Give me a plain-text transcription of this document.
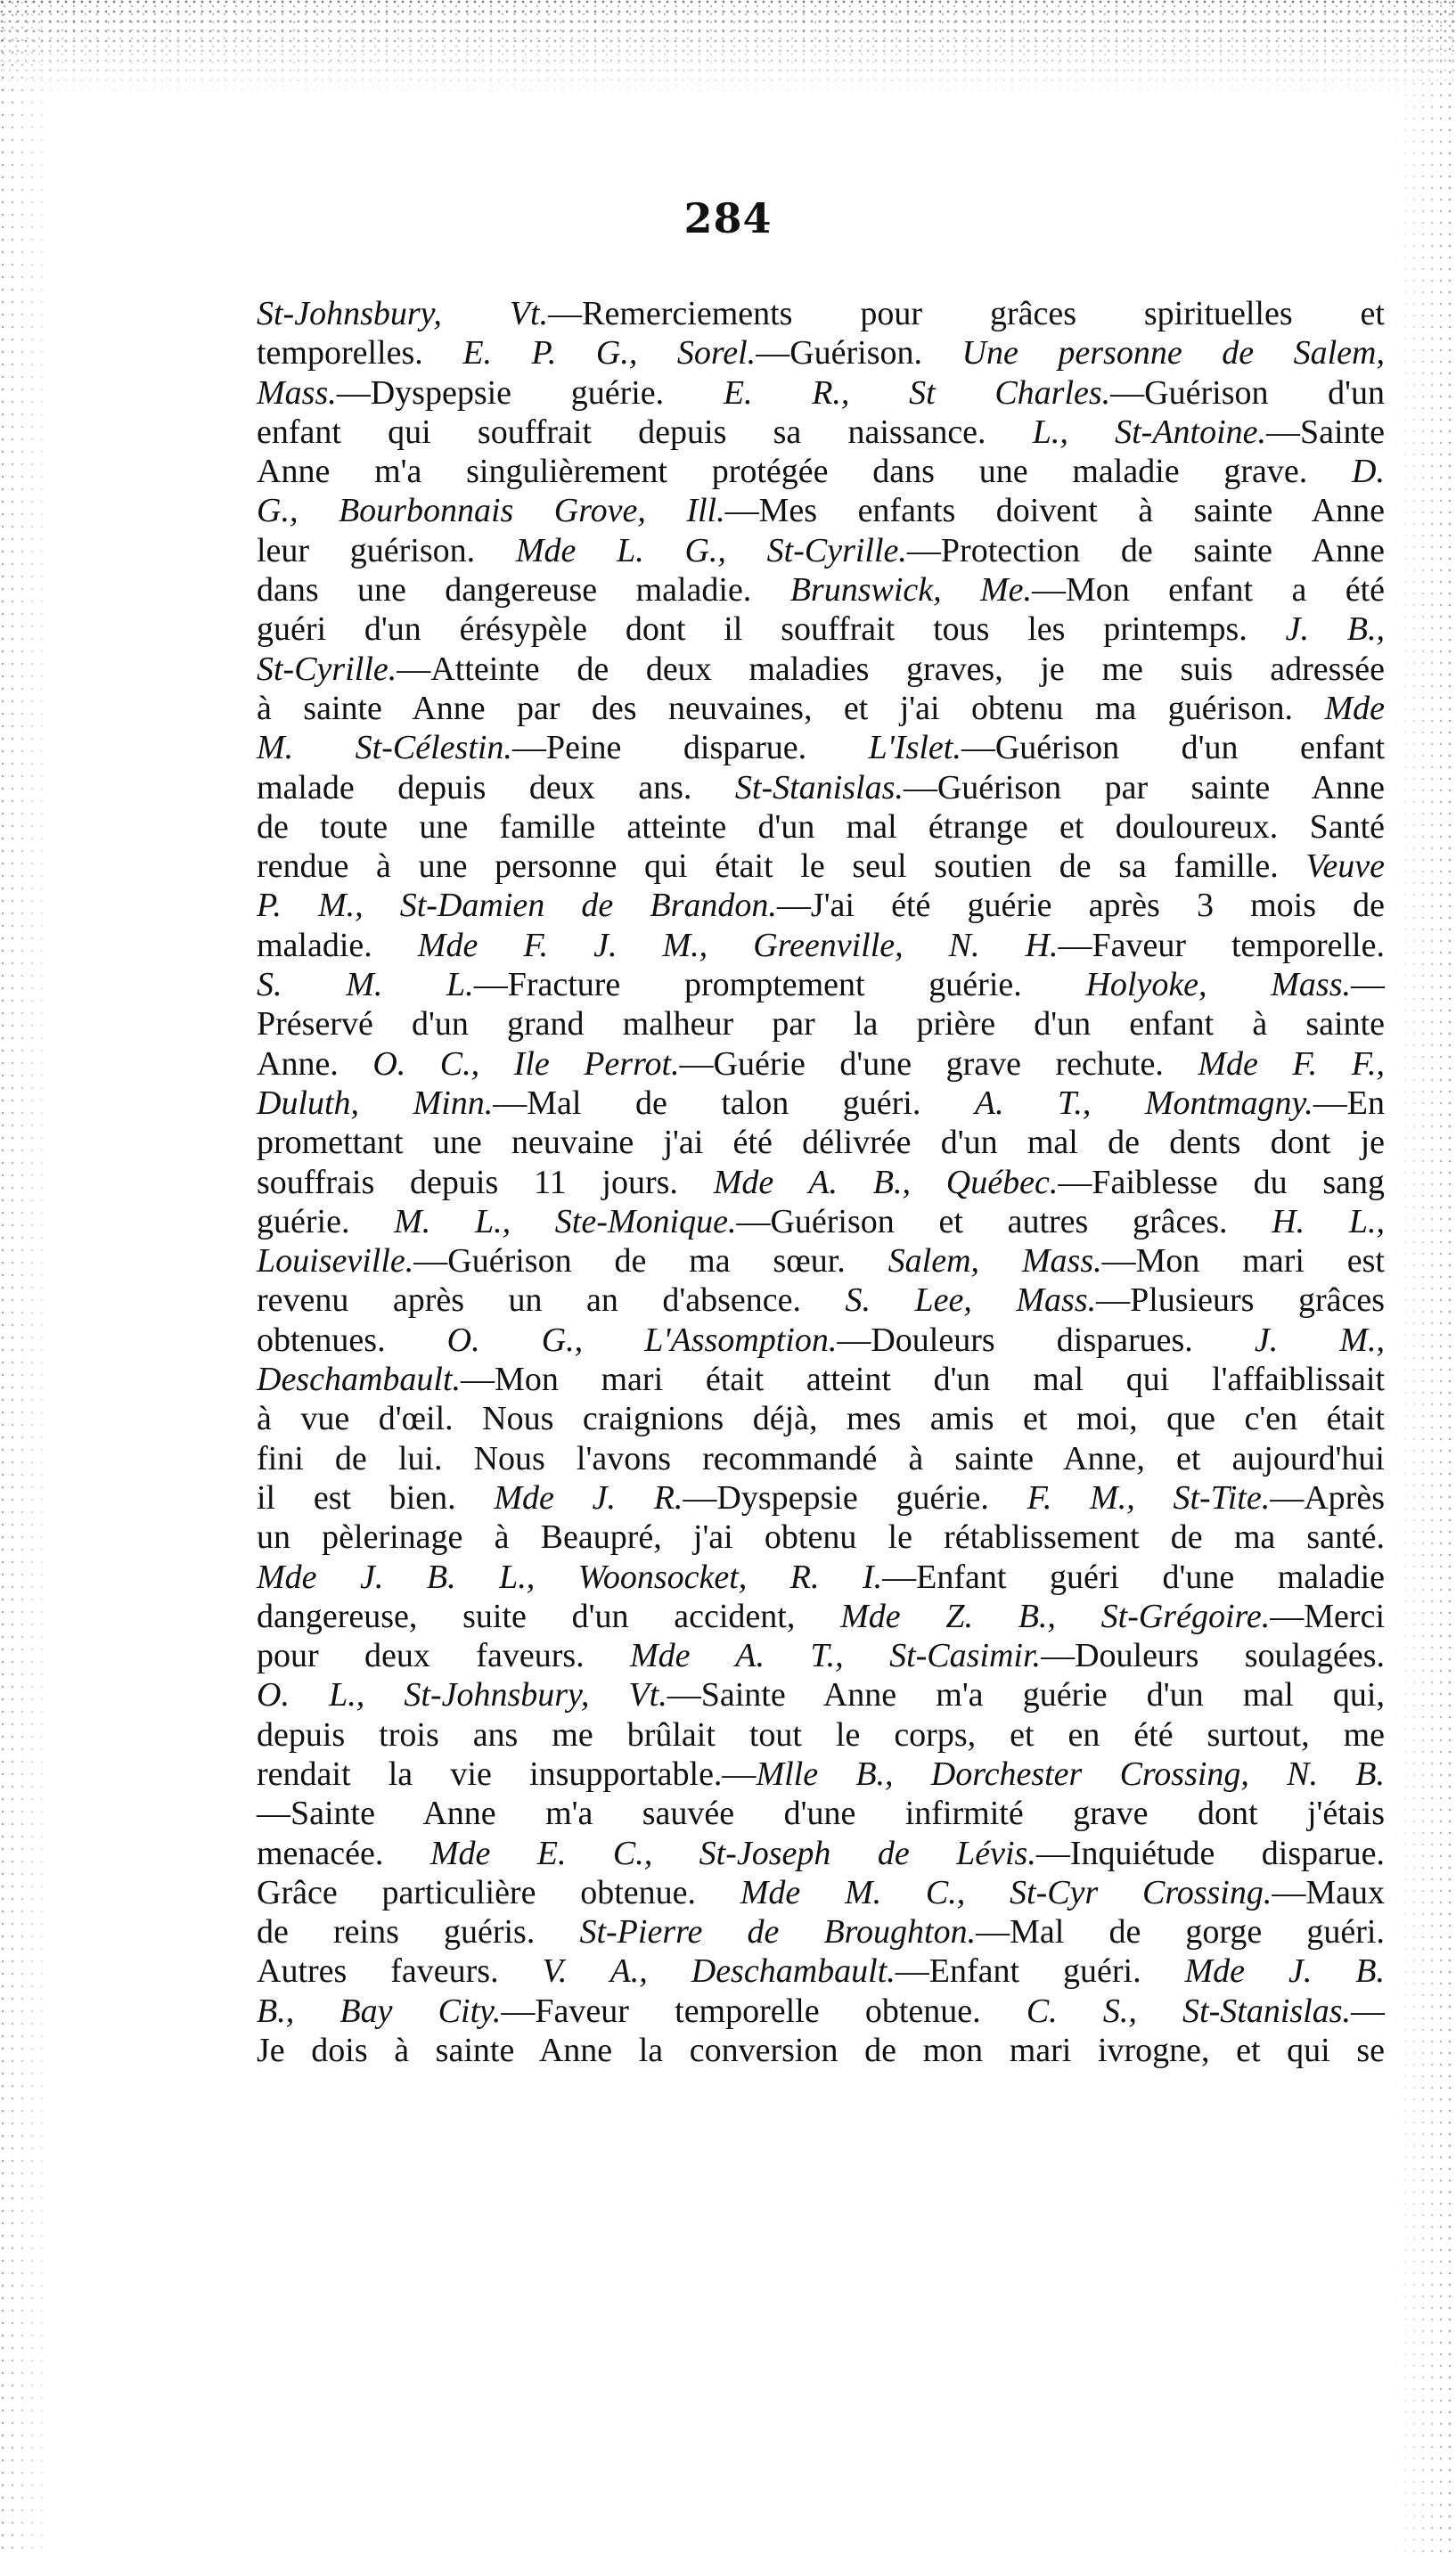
284
St-Johnsbury, Vt.—Remerciements pour grâces spirituelles et
temporelles. E. P. G., Sorel.—Guérison. Une personne de Salem,
Mass.—Dyspepsie guérie. E. R., St Charles.—Guérison d'un
enfant qui souffrait depuis sa naissance. L., St-Antoine.—Sainte
Anne m'a singulièrement protégée dans une maladie grave. D.
G., Bourbonnais Grove, Ill.—Mes enfants doivent à sainte Anne
leur guérison. Mde L. G., St-Cyrille.—Protection de sainte Anne
dans une dangereuse maladie. Brunswick, Me.—Mon enfant a été
guéri d'un érésypèle dont il souffrait tous les printemps. J. B.,
St-Cyrille.—Atteinte de deux maladies graves, je me suis adressée
à sainte Anne par des neuvaines, et j'ai obtenu ma guérison. Mde
M. St-Célestin.—Peine disparue. L'Islet.—Guérison d'un enfant
malade depuis deux ans. St-Stanislas.—Guérison par sainte Anne
de toute une famille atteinte d'un mal étrange et douloureux. Santé
rendue à une personne qui était le seul soutien de sa famille. Veuve
P. M., St-Damien de Brandon.—J'ai été guérie après 3 mois de
maladie. Mde F. J. M., Greenville, N. H.—Faveur temporelle.
S. M. L.—Fracture promptement guérie. Holyoke, Mass.—
Préservé d'un grand malheur par la prière d'un enfant à sainte
Anne. O. C., Ile Perrot.—Guérie d'une grave rechute. Mde F. F.,
Duluth, Minn.—Mal de talon guéri. A. T., Montmagny.—En
promettant une neuvaine j'ai été délivrée d'un mal de dents dont je
souffrais depuis 11 jours. Mde A. B., Québec.—Faiblesse du sang
guérie. M. L., Ste-Monique.—Guérison et autres grâces. H. L.,
Louiseville.—Guérison de ma sœur. Salem, Mass.—Mon mari est
revenu après un an d'absence. S. Lee, Mass.—Plusieurs grâces
obtenues. O. G., L'Assomption.—Douleurs disparues. J. M.,
Deschambault.—Mon mari était atteint d'un mal qui l'affaiblissait
à vue d'œil. Nous craignions déjà, mes amis et moi, que c'en était
fini de lui. Nous l'avons recommandé à sainte Anne, et aujourd'hui
il est bien. Mde J. R.—Dyspepsie guérie. F. M., St-Tite.—Après
un pèlerinage à Beaupré, j'ai obtenu le rétablissement de ma santé.
Mde J. B. L., Woonsocket, R. I.—Enfant guéri d'une maladie
dangereuse, suite d'un accident, Mde Z. B., St-Grégoire.—Merci
pour deux faveurs. Mde A. T., St-Casimir.—Douleurs soulagées.
O. L., St-Johnsbury, Vt.—Sainte Anne m'a guérie d'un mal qui,
depuis trois ans me brûlait tout le corps, et en été surtout, me
rendait la vie insupportable.—Mlle B., Dorchester Crossing, N. B.
—Sainte Anne m'a sauvée d'une infirmité grave dont j'étais
menacée. Mde E. C., St-Joseph de Lévis.—Inquiétude disparue.
Grâce particulière obtenue. Mde M. C., St-Cyr Crossing.—Maux
de reins guéris. St-Pierre de Broughton.—Mal de gorge guéri.
Autres faveurs. V. A., Deschambault.—Enfant guéri. Mde J. B.
B., Bay City.—Faveur temporelle obtenue. C. S., St-Stanislas.—
Je dois à sainte Anne la conversion de mon mari ivrogne, et qui se
